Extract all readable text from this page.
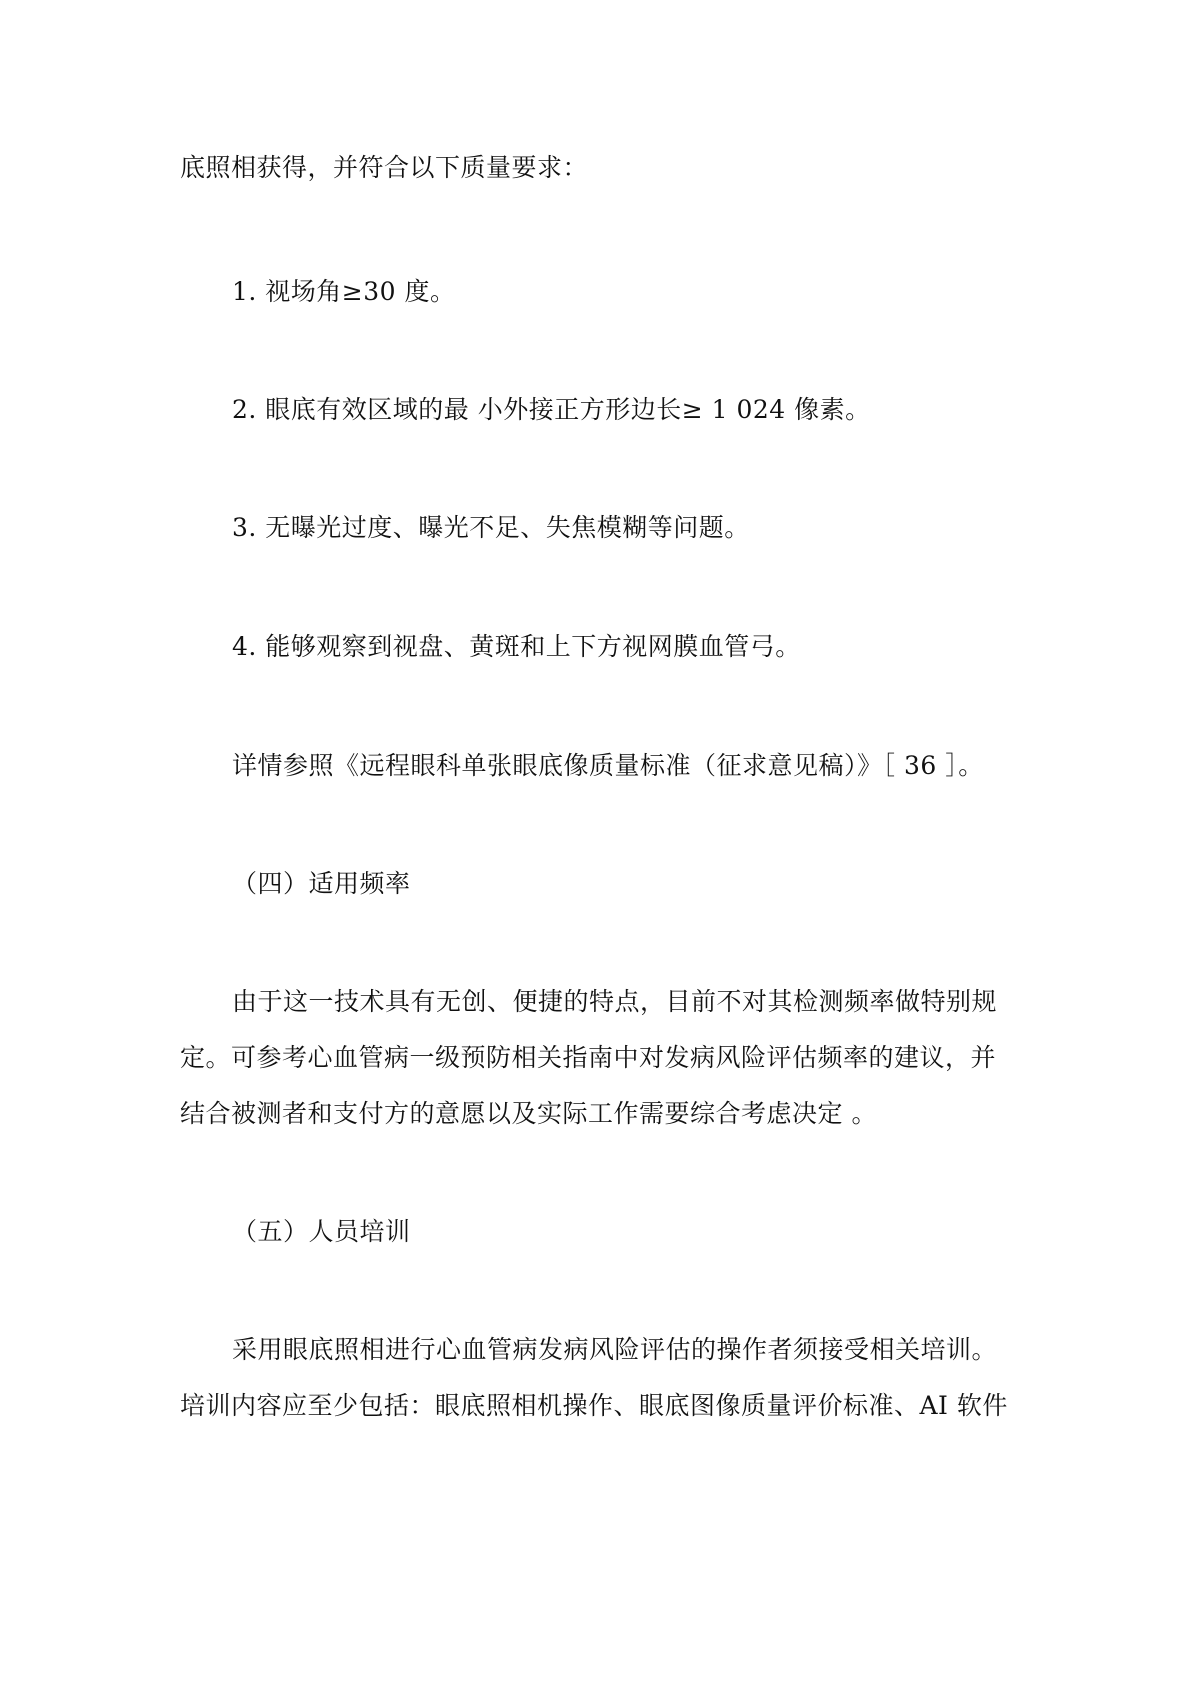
底照相获得，并符合以下质量要求：
1. 视场角≥30 度。
2. 眼底有效区域的最 小外接正方形边长≥ 1 024 像素。
3. 无曝光过度、曝光不足、失焦模糊等问题。
4. 能够观察到视盘、黄斑和上下方视网膜血管弓。
详情参照《远程眼科单张眼底像质量标准（征求意见稿）》［ 36 ］。
（四）适用频率
由于这一技术具有无创、便捷的特点，目前不对其检测频率做特别规
定。可参考心血管病一级预防相关指南中对发病风险评估频率的建议，并
结合被测者和支付方的意愿以及实际工作需要综合考虑决定 。
（五）人员培训
采用眼底照相进行心血管病发病风险评估的操作者须接受相关培训。
培训内容应至少包括：眼底照相机操作、眼底图像质量评价标准、AI 软件
